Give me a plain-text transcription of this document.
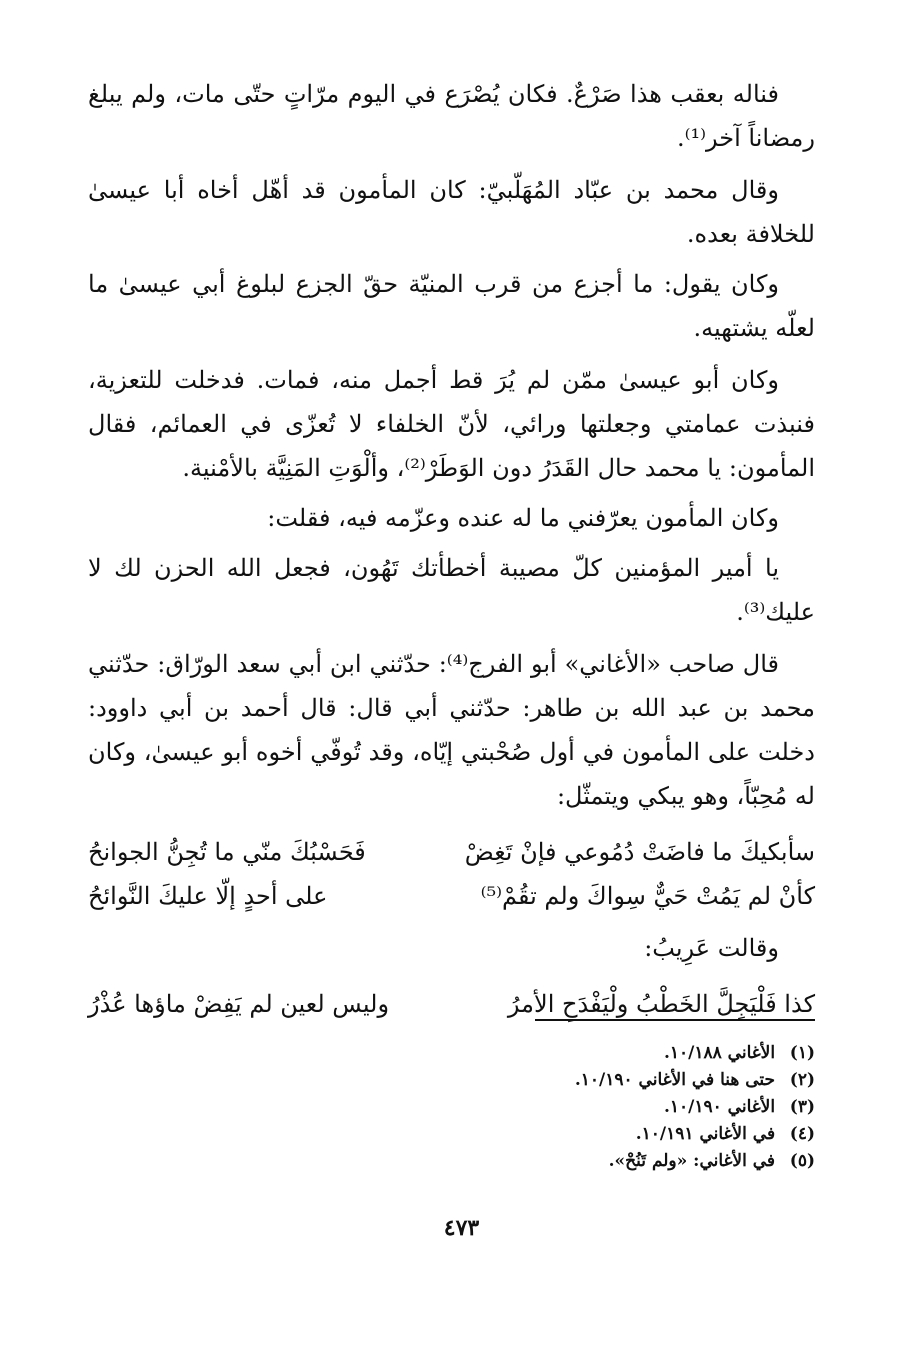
فناله بعقب هذا صَرْعٌ. فكان يُصْرَع في اليوم مرّاتٍ حتّى مات، ولم يبلغ رمضاناً آخر⁽¹⁾.

وقال محمد بن عبّاد المُهَلّبيّ: كان المأمون قد أهّل أخاه أبا عيسىٰ للخلافة بعده.

وكان يقول: ما أجزع من قرب المنيّة حقّ الجزع لبلوغ أبي عيسىٰ ما لعلّه يشتهيه.

وكان أبو عيسىٰ ممّن لم يُرَ قط أجمل منه، فمات. فدخلت للتعزية، فنبذت عمامتي وجعلتها ورائي، لأنّ الخلفاء لا تُعزّى في العمائم، فقال المأمون: يا محمد حال القَدَرُ دون الوَطَرْ⁽²⁾، وألْوَتِ المَنِيَّة بالأمْنية.

وكان المأمون يعرّفني ما له عنده وعزّمه فيه، فقلت:

يا أمير المؤمنين كلّ مصيبة أخطأتك تَهُون، فجعل الله الحزن لك لا عليك⁽³⁾.

قال صاحب «الأغاني» أبو الفرج⁽⁴⁾: حدّثني ابن أبي سعد الورّاق: حدّثني محمد بن عبد الله بن طاهر: حدّثني أبي قال: قال أحمد بن أبي داوود: دخلت على المأمون في أول صُحْبتي إيّاه، وقد تُوفّي أخوه أبو عيسىٰ، وكان له مُحِبّاً، وهو يبكي ويتمثّل:

سأبكيكَ ما فاضَتْ دُمُوعي فإنْ تَغِضْ
فَحَسْبُكَ منّي ما تُجِنُّ الجوانحُ
كأنْ لم يَمُتْ حَيٌّ سِواكَ ولم تقُمْ⁽⁵⁾
على أحدٍ إلّا عليكَ النَّوائحُ

وقالت عَرِيبُ:

كذا فَلْيَجِلَّ الخَطْبُ ولْيَفْدَحِ الأمرُ
وليس لعين لم يَفِضْ ماؤها عُذْرُ

(١) الأغاني ١٠/١٨٨.

(٢) حتى هنا في الأغاني ١٠/١٩٠.

(٣) الأغاني ١٠/١٩٠.

(٤) في الأغاني ١٠/١٩١.

(٥) في الأغاني: «ولم تَنُحْ».

٤٧٣
